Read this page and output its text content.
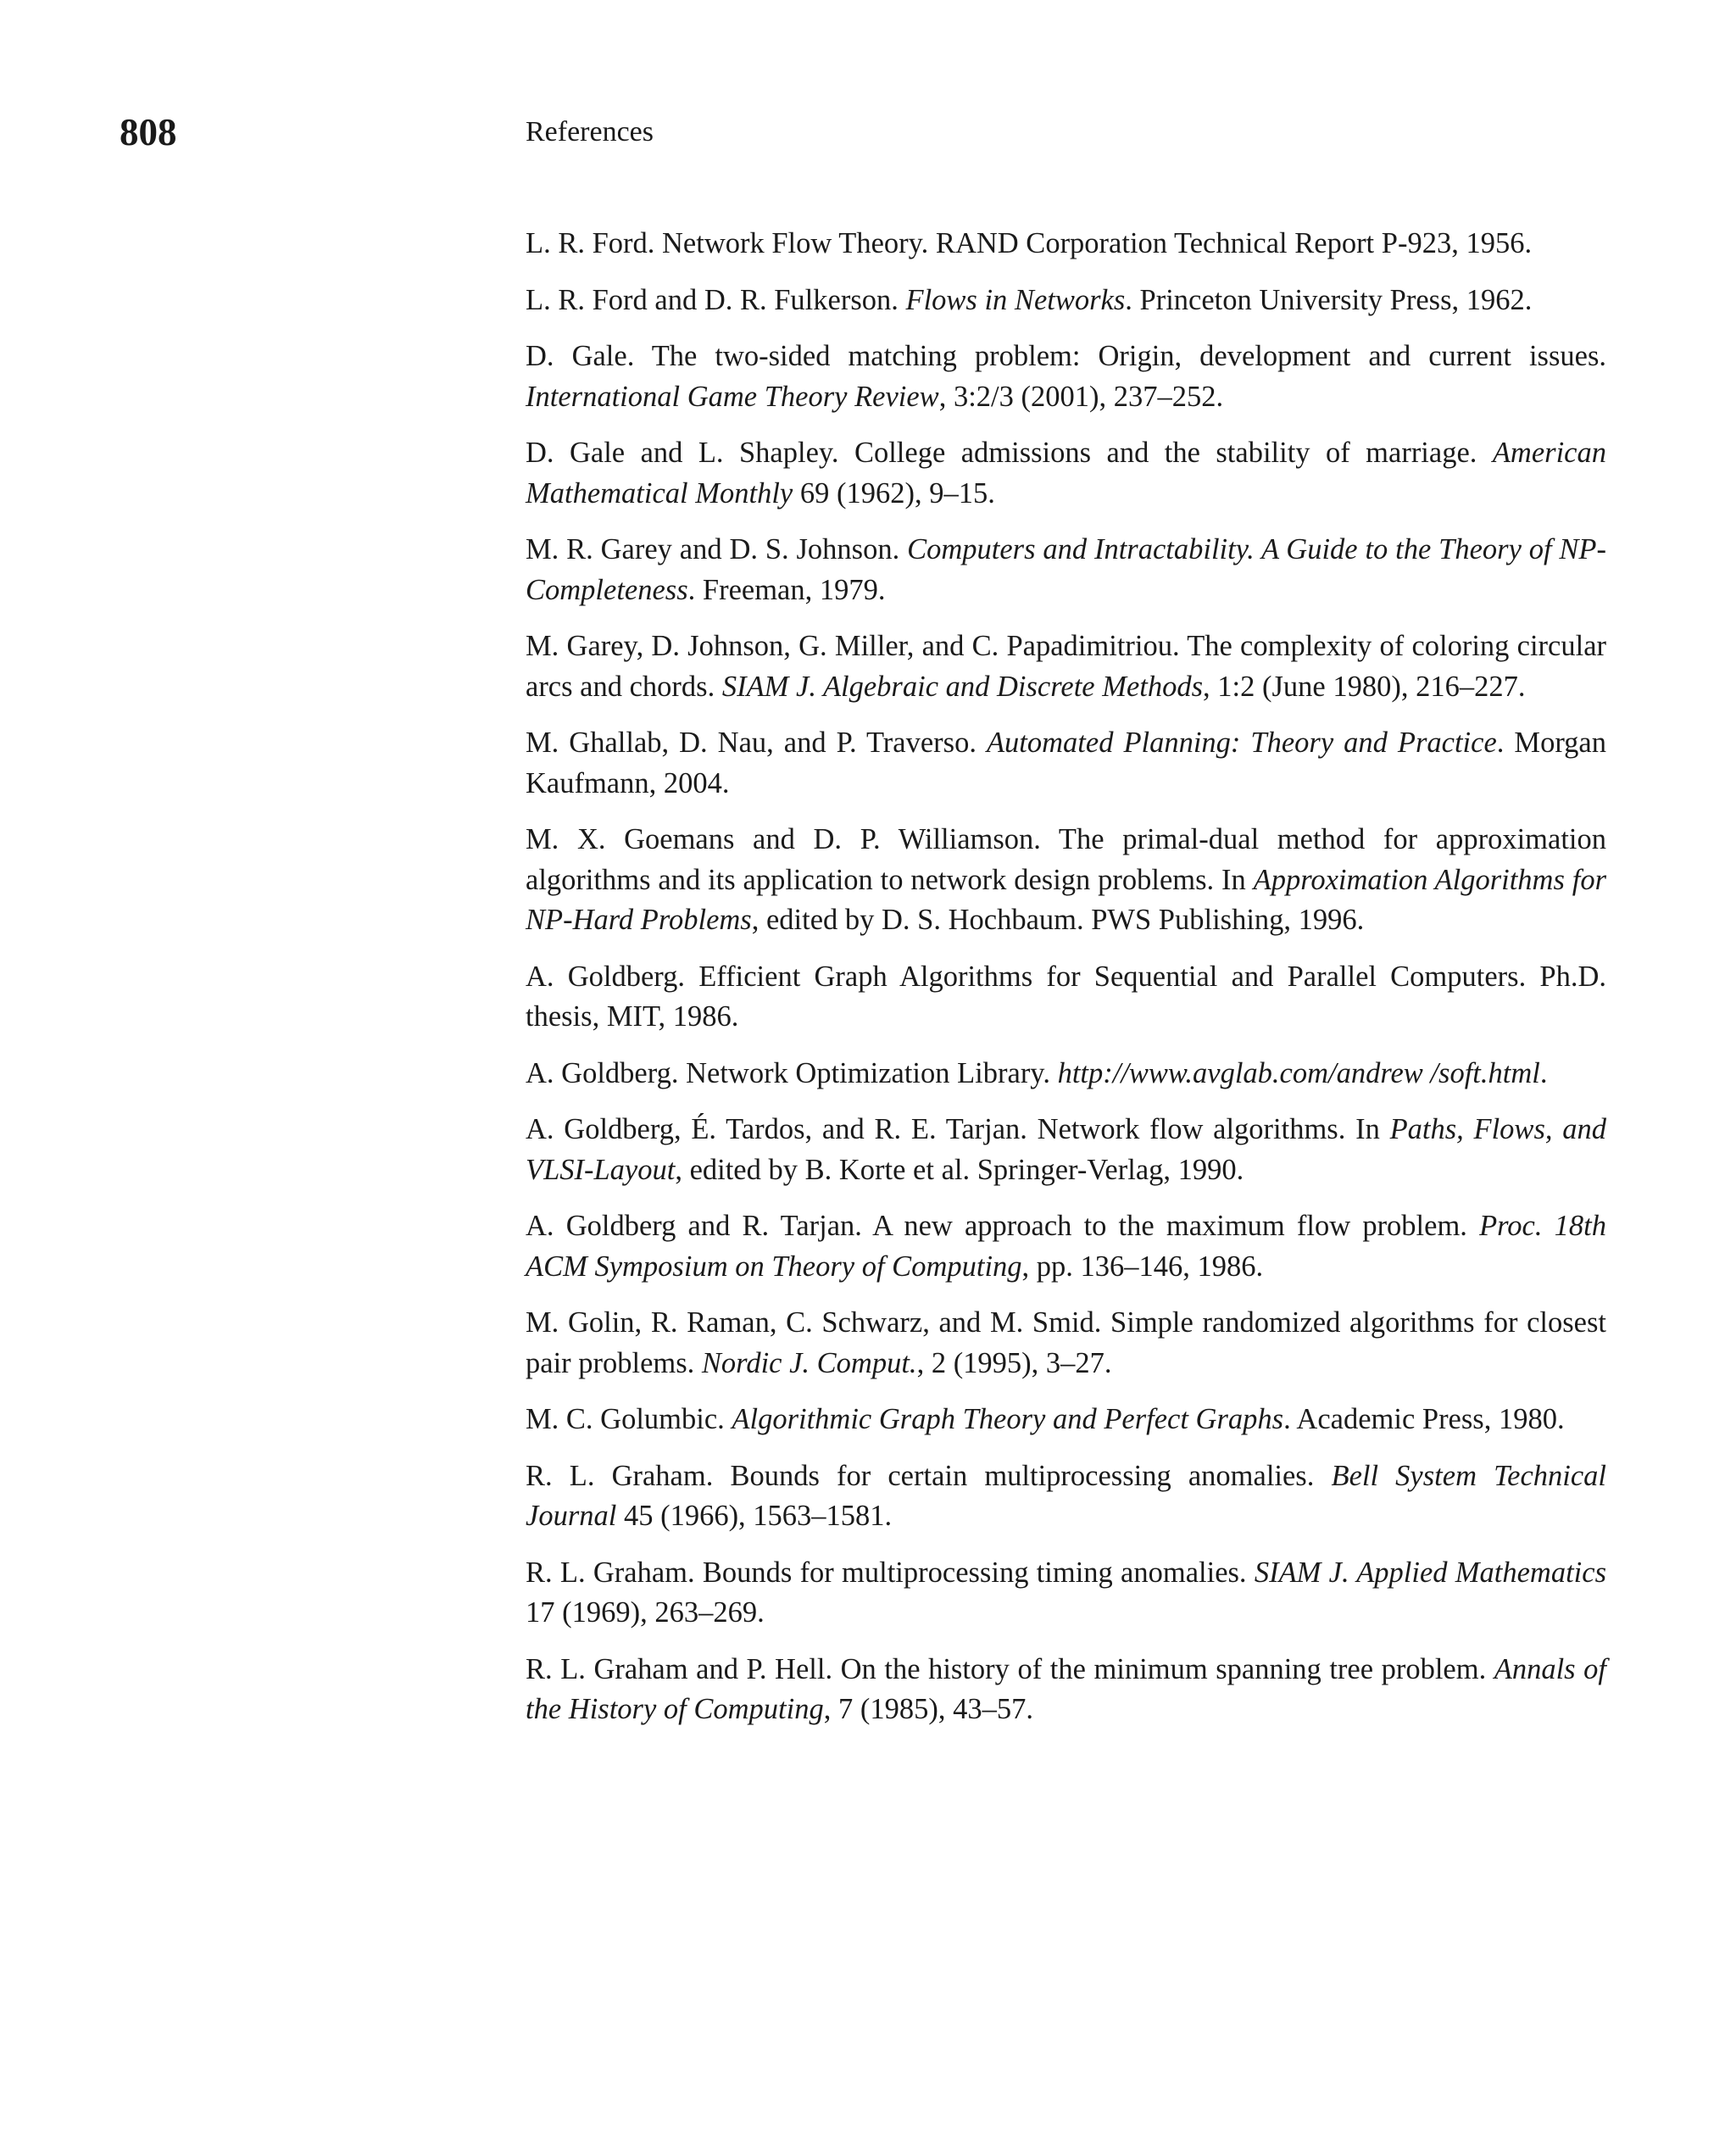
808	References
L. R. Ford. Network Flow Theory. RAND Corporation Technical Report P-923, 1956.
L. R. Ford and D. R. Fulkerson. Flows in Networks. Princeton University Press, 1962.
D. Gale. The two-sided matching problem: Origin, development and current issues. International Game Theory Review, 3:2/3 (2001), 237–252.
D. Gale and L. Shapley. College admissions and the stability of marriage. American Mathematical Monthly 69 (1962), 9–15.
M. R. Garey and D. S. Johnson. Computers and Intractability. A Guide to the Theory of NP-Completeness. Freeman, 1979.
M. Garey, D. Johnson, G. Miller, and C. Papadimitriou. The complexity of coloring circular arcs and chords. SIAM J. Algebraic and Discrete Methods, 1:2 (June 1980), 216–227.
M. Ghallab, D. Nau, and P. Traverso. Automated Planning: Theory and Practice. Morgan Kaufmann, 2004.
M. X. Goemans and D. P. Williamson. The primal-dual method for approximation algorithms and its application to network design problems. In Approximation Algorithms for NP-Hard Problems, edited by D. S. Hochbaum. PWS Publishing, 1996.
A. Goldberg. Efficient Graph Algorithms for Sequential and Parallel Computers. Ph.D. thesis, MIT, 1986.
A. Goldberg. Network Optimization Library. http://www.avglab.com/andrew /soft.html.
A. Goldberg, É. Tardos, and R. E. Tarjan. Network flow algorithms. In Paths, Flows, and VLSI-Layout, edited by B. Korte et al. Springer-Verlag, 1990.
A. Goldberg and R. Tarjan. A new approach to the maximum flow problem. Proc. 18th ACM Symposium on Theory of Computing, pp. 136–146, 1986.
M. Golin, R. Raman, C. Schwarz, and M. Smid. Simple randomized algorithms for closest pair problems. Nordic J. Comput., 2 (1995), 3–27.
M. C. Golumbic. Algorithmic Graph Theory and Perfect Graphs. Academic Press, 1980.
R. L. Graham. Bounds for certain multiprocessing anomalies. Bell System Technical Journal 45 (1966), 1563–1581.
R. L. Graham. Bounds for multiprocessing timing anomalies. SIAM J. Applied Mathematics 17 (1969), 263–269.
R. L. Graham and P. Hell. On the history of the minimum spanning tree problem. Annals of the History of Computing, 7 (1985), 43–57.
